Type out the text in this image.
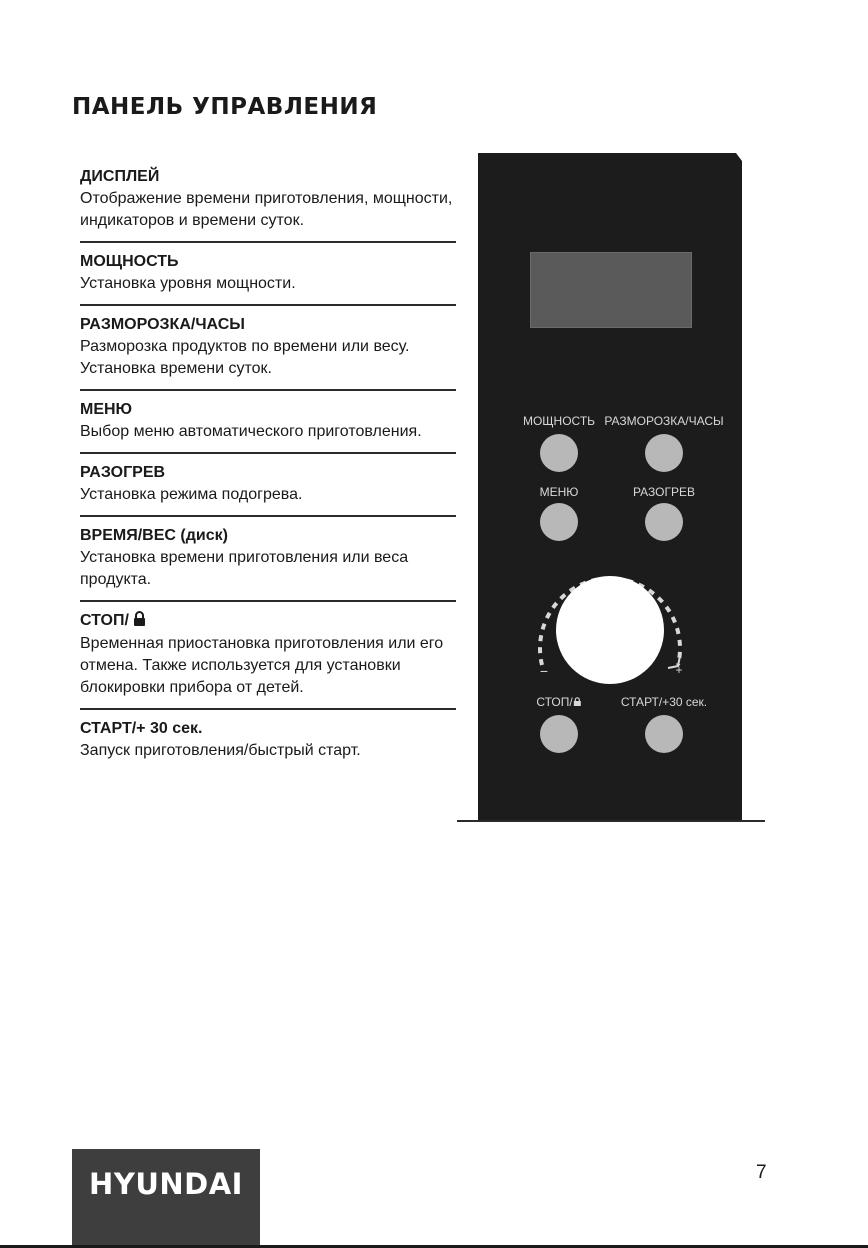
ПАНЕЛЬ УПРАВЛЕНИЯ
ДИСПЛЕЙ
Отображение времени приготовления, мощности, индикаторов и времени суток.
МОЩНОСТЬ
Установка уровня мощности.
РАЗМОРОЗКА/ЧАСЫ
Разморозка продуктов по времени или весу. Установка времени суток.
МЕНЮ
Выбор меню автоматического приготовления.
РАЗОГРЕВ
Установка режима подогрева.
ВРЕМЯ/ВЕС (диск)
Установка времени приготовления или веса продукта.
СТОП/
Временная приостановка приготовления или его отмена. Также используется для установки блокировки прибора от детей.
СТАРТ/+ 30 сек.
Запуск приготовления/быстрый старт.
МОЩНОСТЬ РАЗМОРОЗКА/ЧАСЫ
МЕНЮ	РАЗОГРЕВ
−	+
СТОП/	СТАРТ/+30 сек.
HYUNDAI	7
